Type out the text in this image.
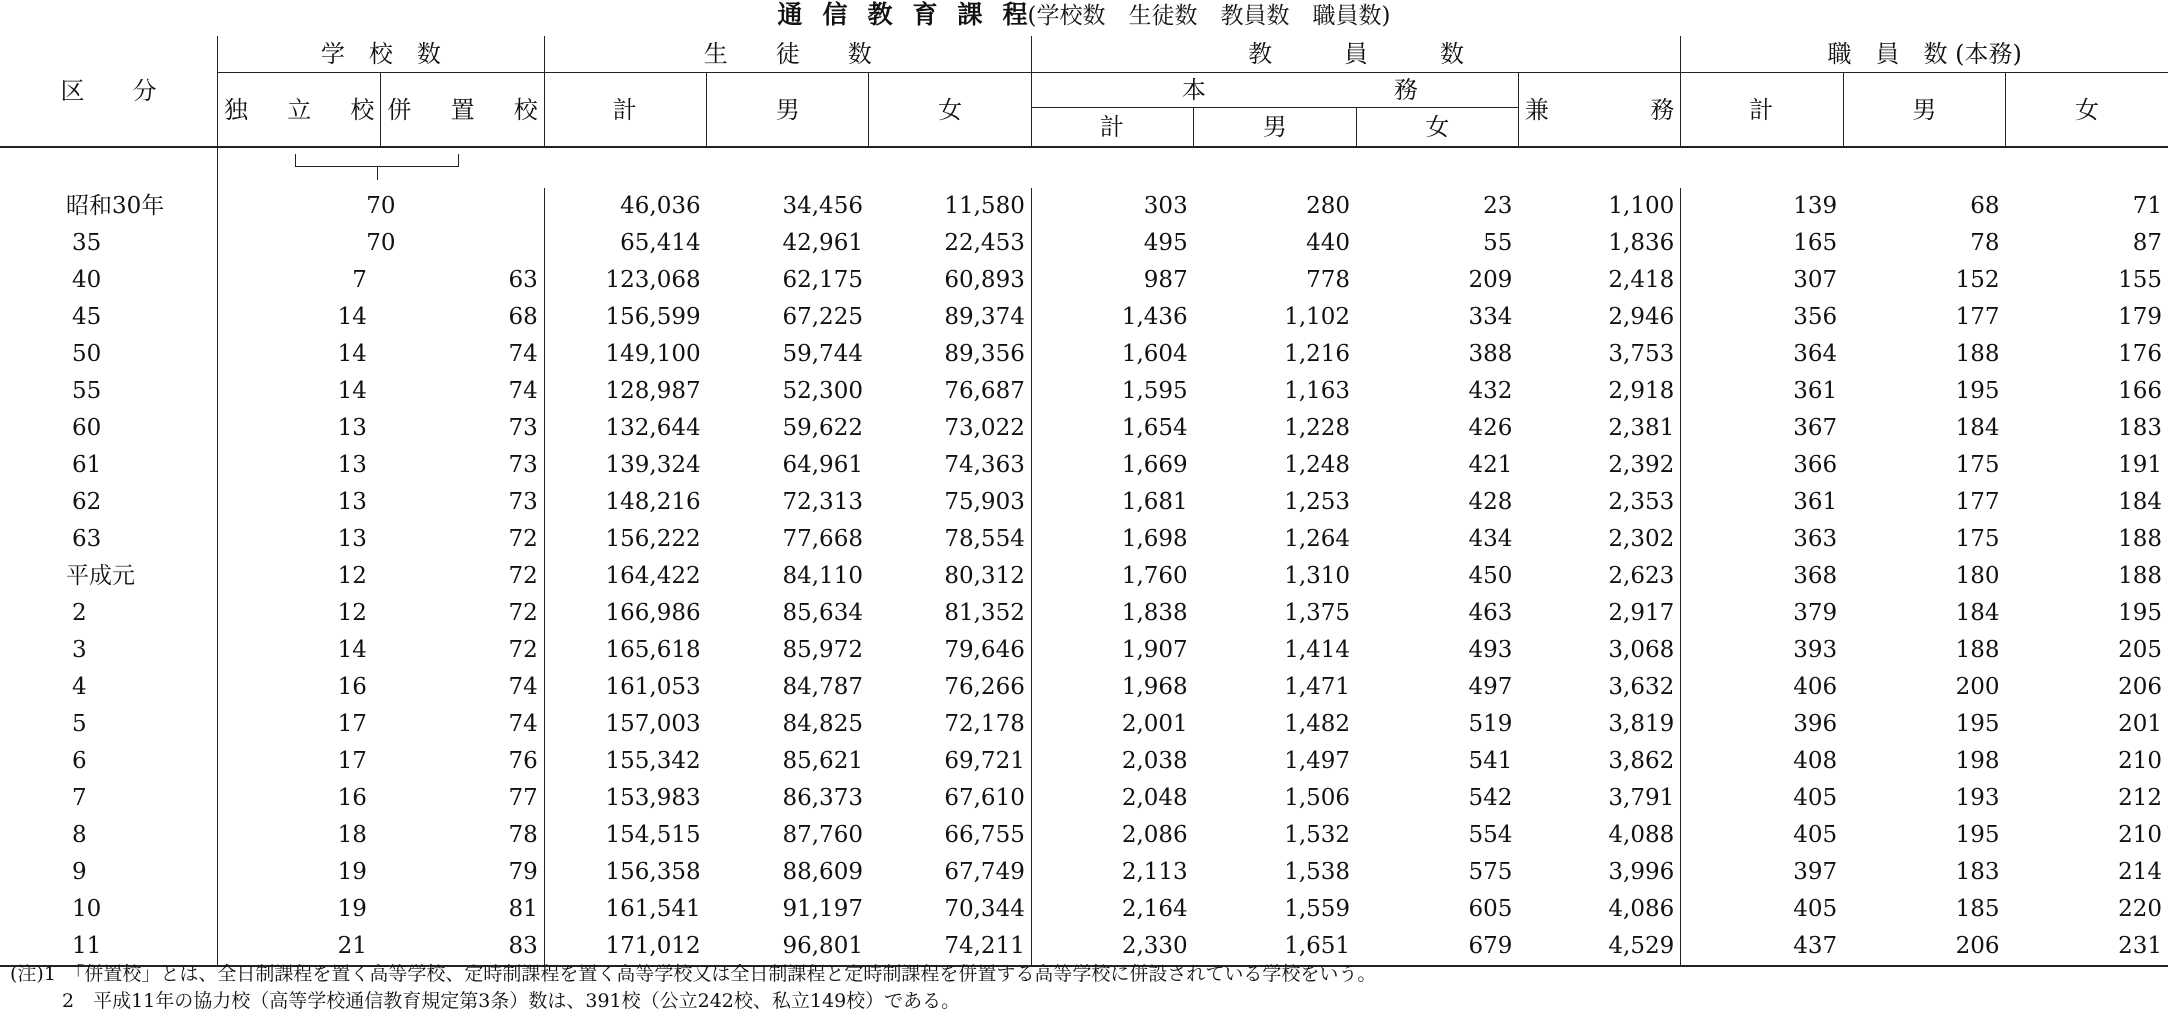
通信教育課程(学校数　生徒数　教員数　職員数)
区　　分	学　校　数		生　　徒　　数			教　　　員　　　数				職　員　数 (本務)		

	独 立 校	併 置 校	計	男	女	本 務			兼 務	計	男	女
						計	男	女				

昭和30年	70		46,036	34,456	11,580	303	280	23	1,100	139	68	71
35	70		65,414	42,961	22,453	495	440	55	1,836	165	78	87
40	7	63	123,068	62,175	60,893	987	778	209	2,418	307	152	155
45	14	68	156,599	67,225	89,374	1,436	1,102	334	2,946	356	177	179
50	14	74	149,100	59,744	89,356	1,604	1,216	388	3,753	364	188	176
55	14	74	128,987	52,300	76,687	1,595	1,163	432	2,918	361	195	166
60	13	73	132,644	59,622	73,022	1,654	1,228	426	2,381	367	184	183
61	13	73	139,324	64,961	74,363	1,669	1,248	421	2,392	366	175	191
62	13	73	148,216	72,313	75,903	1,681	1,253	428	2,353	361	177	184
63	13	72	156,222	77,668	78,554	1,698	1,264	434	2,302	363	175	188
平成元	12	72	164,422	84,110	80,312	1,760	1,310	450	2,623	368	180	188
2	12	72	166,986	85,634	81,352	1,838	1,375	463	2,917	379	184	195
3	14	72	165,618	85,972	79,646	1,907	1,414	493	3,068	393	188	205
4	16	74	161,053	84,787	76,266	1,968	1,471	497	3,632	406	200	206
5	17	74	157,003	84,825	72,178	2,001	1,482	519	3,819	396	195	201
6	17	76	155,342	85,621	69,721	2,038	1,497	541	3,862	408	198	210
7	16	77	153,983	86,373	67,610	2,048	1,506	542	3,791	405	193	212
8	18	78	154,515	87,760	66,755	2,086	1,532	554	4,088	405	195	210
9	19	79	156,358	88,609	67,749	2,113	1,538	575	3,996	397	183	214
10	19	81	161,541	91,197	70,344	2,164	1,559	605	4,086	405	185	220
11	21	83	171,012	96,801	74,211	2,330	1,651	679	4,529	437	206	231
(注)1　「併置校」とは、全日制課程を置く高等学校、定時制課程を置く高等学校又は全日制課程と定時制課程を併置する高等学校に併設されている学校をいう。
2　平成11年の協力校（高等学校通信教育規定第3条）数は、391校（公立242校、私立149校）である。
